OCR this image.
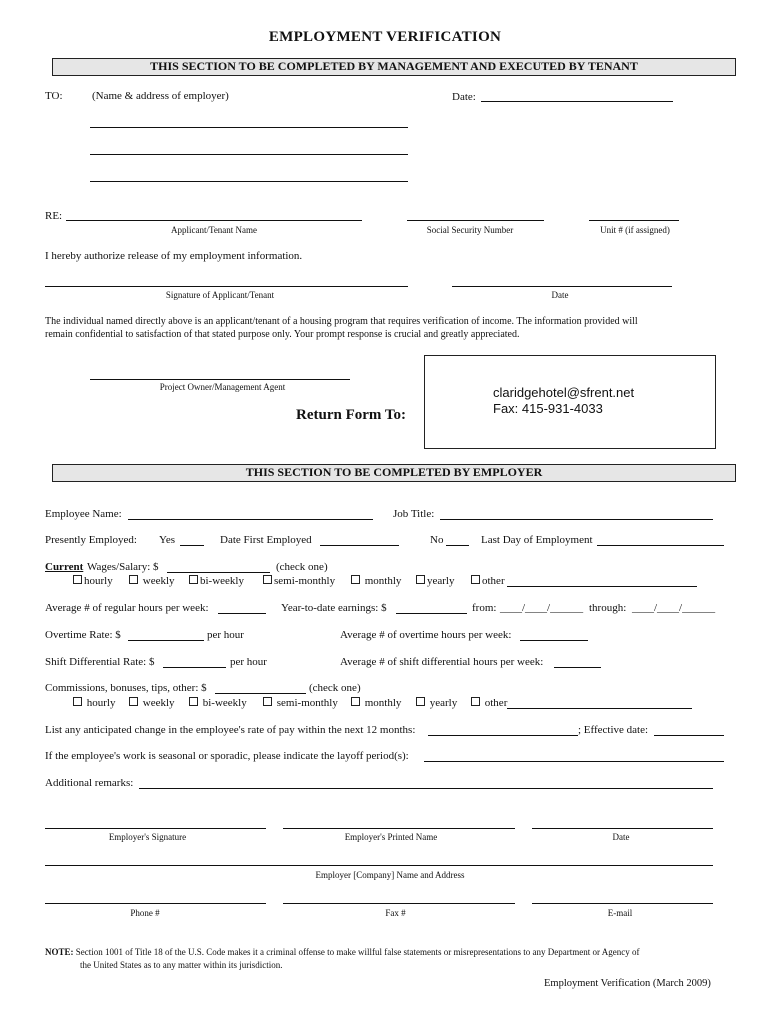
EMPLOYMENT VERIFICATION
THIS SECTION TO BE COMPLETED BY MANAGEMENT AND EXECUTED BY TENANT
TO:	(Name & address of employer)	Date:
RE:
Applicant/Tenant Name	Social Security Number	Unit # (if assigned)
I hereby authorize release of my employment information.
Signature of Applicant/Tenant	Date
The individual named directly above is an applicant/tenant of a housing program that requires verification of income. The information provided will
remain confidential to satisfaction of that stated purpose only. Your prompt response is crucial and greatly appreciated.
Project Owner/Management Agent
Return Form To:
claridgehotel@sfrent.net
Fax: 415-931-4033
THIS SECTION TO BE COMPLETED BY EMPLOYER
Employee Name:	Job Title:
Presently Employed: Yes	Date First Employed	No	Last Day of Employment
Current Wages/Salary: $	(check one)
hourly	weekly	bi-weekly	semi-monthly	monthly	yearly	other
Average # of regular hours per week:	Year-to-date earnings: $	from: ____/____/______ through: ____/____/______
Overtime Rate: $	per hour	Average # of overtime hours per week:
Shift Differential Rate: $	per hour	Average # of shift differential hours per week:
Commissions, bonuses, tips, other: $	(check one)
hourly	weekly	bi-weekly	semi-monthly	monthly	yearly	other
List any anticipated change in the employee's rate of pay within the next 12 months:	; Effective date:
If the employee's work is seasonal or sporadic, please indicate the layoff period(s):
Additional remarks:
Employer's Signature	Employer's Printed Name	Date
Employer [Company] Name and Address
Phone #	Fax #	E-mail
NOTE: Section 1001 of Title 18 of the U.S. Code makes it a criminal offense to make willful false statements or misrepresentations to any Department or Agency of
the United States as to any matter within its jurisdiction.
Employment Verification (March 2009)
